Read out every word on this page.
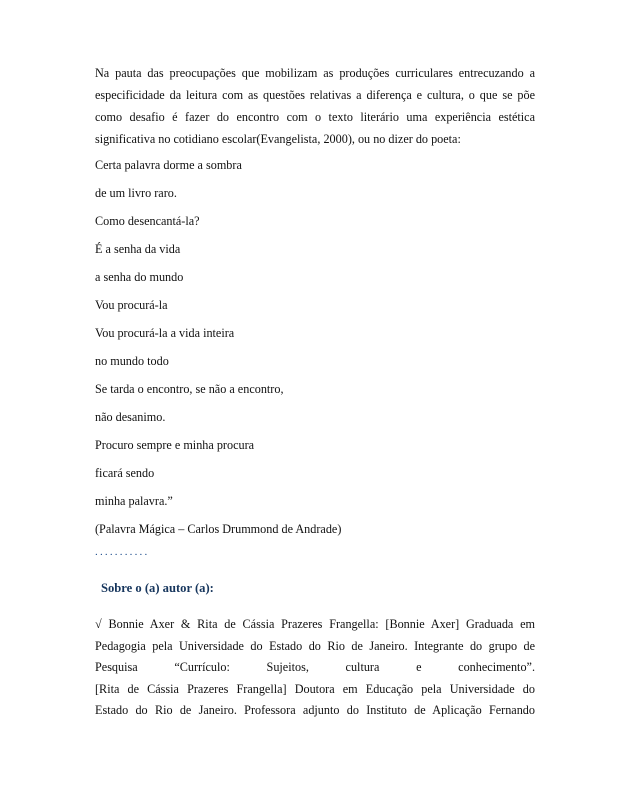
Na pauta das preocupações que mobilizam as produções curriculares entrecuzando a especificidade da leitura com as questões relativas a diferença e cultura, o que se põe como desafio é fazer do encontro com o texto literário uma experiência estética significativa no cotidiano escolar(Evangelista, 2000), ou no dizer do poeta:

Certa palavra dorme a sombra
de um livro raro.
Como desencantá-la?
É a senha da vida
a senha do mundo
Vou procurá-la
Vou procurá-la a vida inteira
no mundo todo
Se tarda o encontro, se não a encontro,
não desanimo.
Procuro sempre e minha procura
ficará sendo
minha palavra.”
(Palavra Mágica – Carlos Drummond de Andrade)
...........
Sobre o (a) autor (a):

√ Bonnie Axer & Rita de Cássia Prazeres Frangella: [Bonnie Axer] Graduada em
Pedagogia pela Universidade do Estado do Rio de Janeiro. Integrante do grupo de
Pesquisa “Currículo: Sujeitos, cultura e conhecimento”.
[Rita de Cássia Prazeres Frangella] Doutora em Educação pela Universidade do
Estado do Rio de Janeiro. Professora adjunto do Instituto de Aplicação Fernando
